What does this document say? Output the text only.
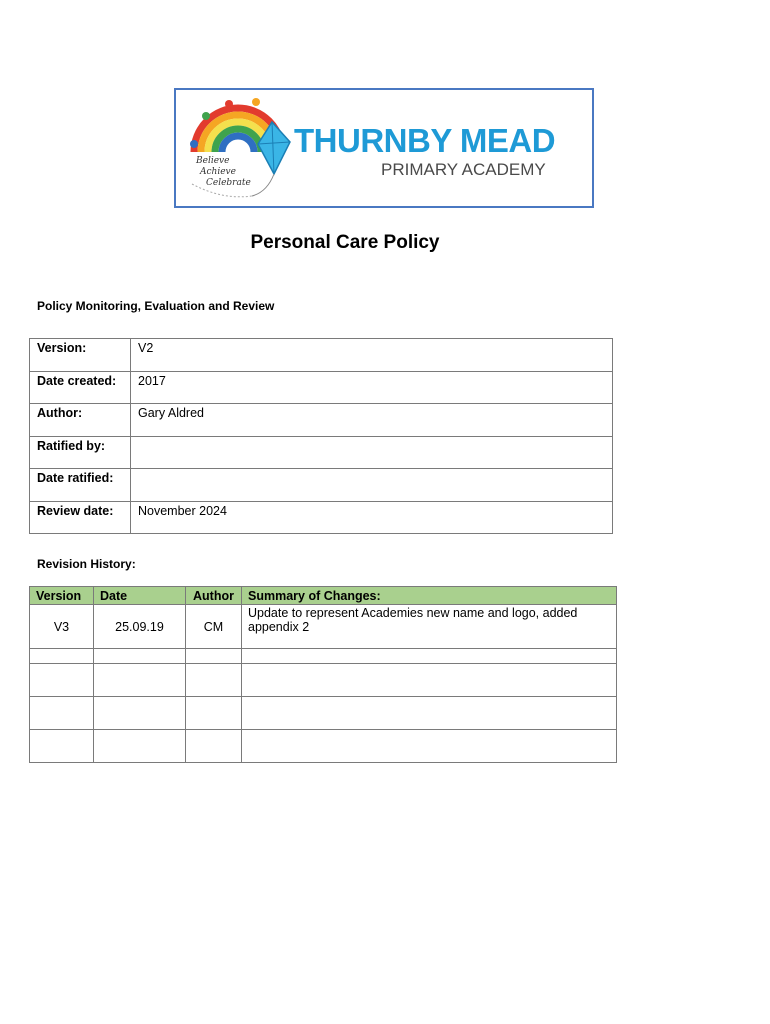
Believe
Achieve
Celebrate
THURNBY MEAD
PRIMARY ACADEMY
Personal Care Policy
Policy Monitoring, Evaluation and Review
Version:	V2
Date created:	2017
Author:	Gary Aldred
Ratified by:	
Date ratified:	
Review date:	November 2024
Revision History:
Version	Date	Author	Summary of Changes:
V3	25.09.19	CM	Update to represent Academies new name and logo, added appendix 2
